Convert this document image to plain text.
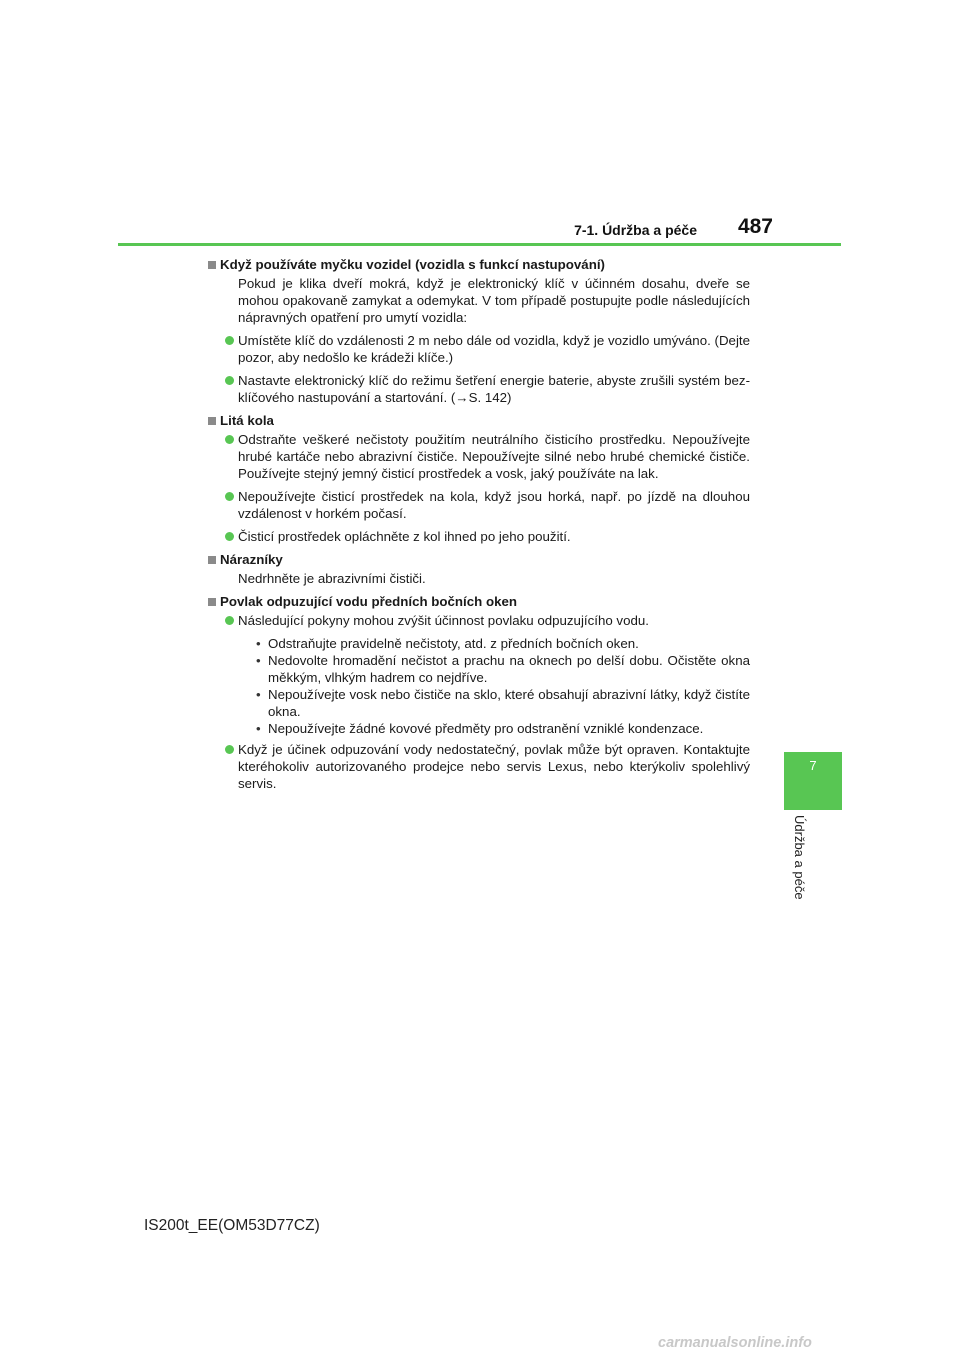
7-1. Údržba a péče	487
7
Údržba a péče
Když používáte myčku vozidel (vozidla s funkcí nastupování)

Pokud je klika dveří mokrá, když je elektronický klíč v účinném dosahu, dveře se mohou opakovaně zamykat a odemykat. V tom případě postupujte podle následujících nápravných opatření pro umytí vozidla:

Umístěte klíč do vzdálenosti 2 m nebo dále od vozidla, když je vozidlo umýváno. (Dejte pozor, aby nedošlo ke krádeži klíče.)
Nastavte elektronický klíč do režimu šetření energie baterie, abyste zrušili systém bezklíčového nastupování a startování. (→S. 142)
Litá kola
Odstraňte veškeré nečistoty použitím neutrálního čisticího prostředku. Nepoužívejte hrubé kartáče nebo abrazivní čističe. Nepoužívejte silné nebo hrubé chemické čističe. Používejte stejný jemný čisticí prostředek a vosk, jaký používáte na lak.
Nepoužívejte čisticí prostředek na kola, když jsou horká, např. po jízdě na dlouhou vzdálenost v horkém počasí.
Čisticí prostředek opláchněte z kol ihned po jeho použití.
Nárazníky

Nedrhněte je abrazivními čističi.

Povlak odpuzující vodu předních bočních oken
Následující pokyny mohou zvýšit účinnost povlaku odpuzujícího vodu.
• Odstraňujte pravidelně nečistoty, atd. z předních bočních oken.
• Nedovolte hromadění nečistot a prachu na oknech po delší dobu. Očistěte okna měkkým, vlhkým hadrem co nejdříve.
• Nepoužívejte vosk nebo čističe na sklo, které obsahují abrazivní látky, když čistíte okna.
• Nepoužívejte žádné kovové předměty pro odstranění vzniklé kondenzace.
Když je účinek odpuzování vody nedostatečný, povlak může být opraven. Kontaktujte kteréhokoliv autorizovaného prodejce nebo servis Lexus, nebo kterýkoliv spolehlivý servis.
IS200t_EE(OM53D77CZ)
carmanualsonline.info
